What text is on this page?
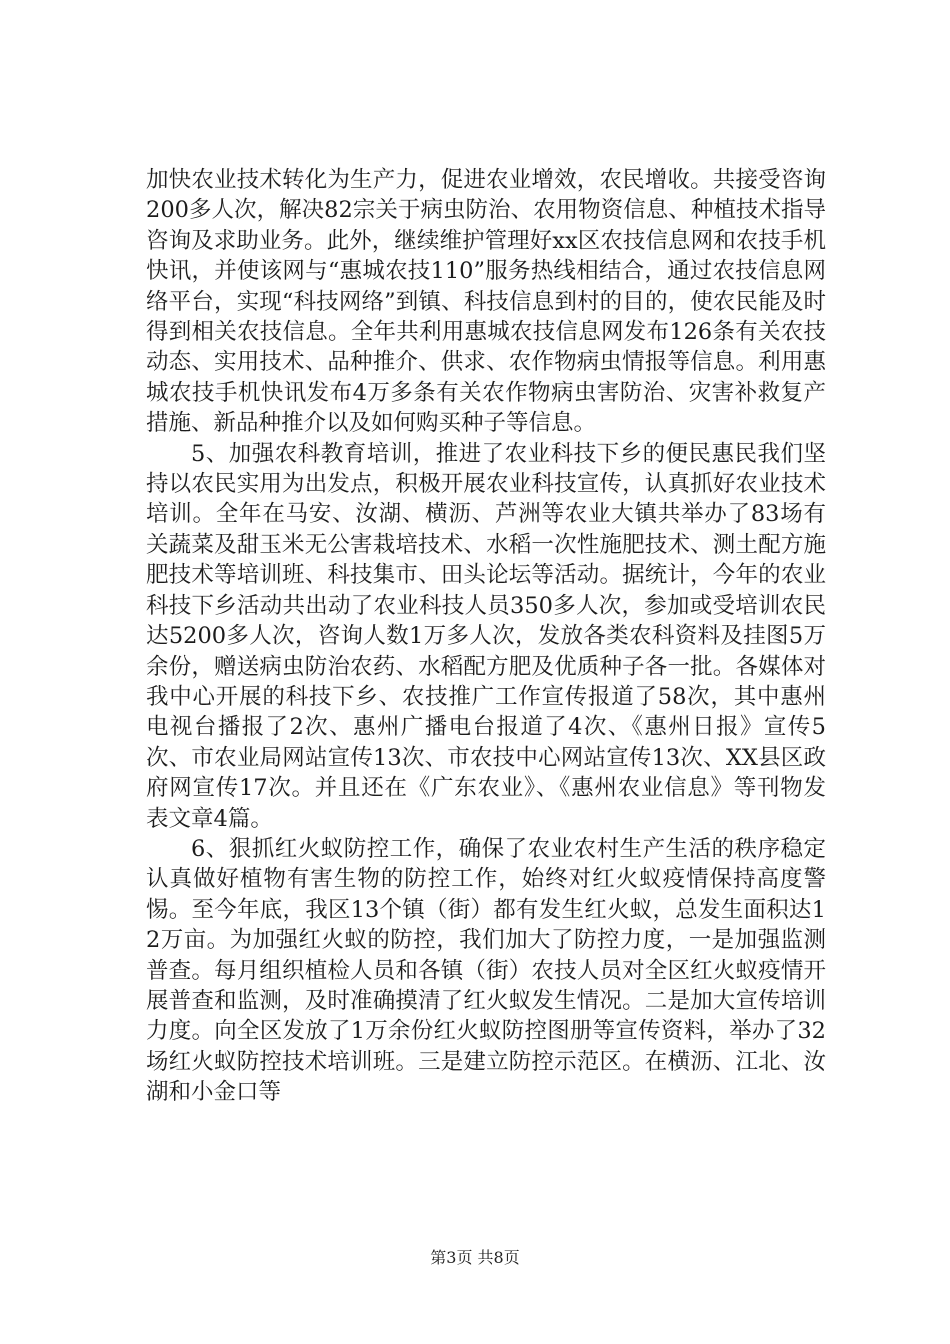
加快农业技术转化为生产力，促进农业增效，农民增收。共接受咨询200多人次，解决82宗关于病虫防治、农用物资信息、种植技术指导咨询及求助业务。此外，继续维护管理好xx区农技信息网和农技手机快讯，并使该网与“惠城农技110”服务热线相结合，通过农技信息网络平台，实现“科技网络”到镇、科技信息到村的目的，使农民能及时得到相关农技信息。全年共利用惠城农技信息网发布126条有关农技动态、实用技术、品种推介、供求、农作物病虫情报等信息。利用惠城农技手机快讯发布4万多条有关农作物病虫害防治、灾害补救复产措施、新品种推介以及如何购买种子等信息。

5、加强农科教育培训，推进了农业科技下乡的便民惠民我们坚持以农民实用为出发点，积极开展农业科技宣传，认真抓好农业技术培训。全年在马安、汝湖、横沥、芦洲等农业大镇共举办了83场有关蔬菜及甜玉米无公害栽培技术、水稻一次性施肥技术、测土配方施肥技术等培训班、科技集市、田头论坛等活动。据统计，今年的农业科技下乡活动共出动了农业科技人员350多人次，参加或受培训农民达5200多人次，咨询人数1万多人次，发放各类农科资料及挂图5万余份，赠送病虫防治农药、水稻配方肥及优质种子各一批。各媒体对我中心开展的科技下乡、农技推广工作宣传报道了58次，其中惠州电视台播报了2次、惠州广播电台报道了4次、《惠州日报》宣传5次、市农业局网站宣传13次、市农技中心网站宣传13次、XX县区政府网宣传17次。并且还在《广东农业》、《惠州农业信息》等刊物发表文章4篇。

6、狠抓红火蚁防控工作，确保了农业农村生产生活的秩序稳定认真做好植物有害生物的防控工作，始终对红火蚁疫情保持高度警惕。至今年底，我区13个镇（街）都有发生红火蚁，总发生面积达12万亩。为加强红火蚁的防控，我们加大了防控力度，一是加强监测普查。每月组织植检人员和各镇（街）农技人员对全区红火蚁疫情开展普查和监测，及时准确摸清了红火蚁发生情况。二是加大宣传培训力度。向全区发放了1万余份红火蚁防控图册等宣传资料，举办了32场红火蚁防控技术培训班。三是建立防控示范区。在横沥、江北、汝湖和小金口等

第3页 共8页
